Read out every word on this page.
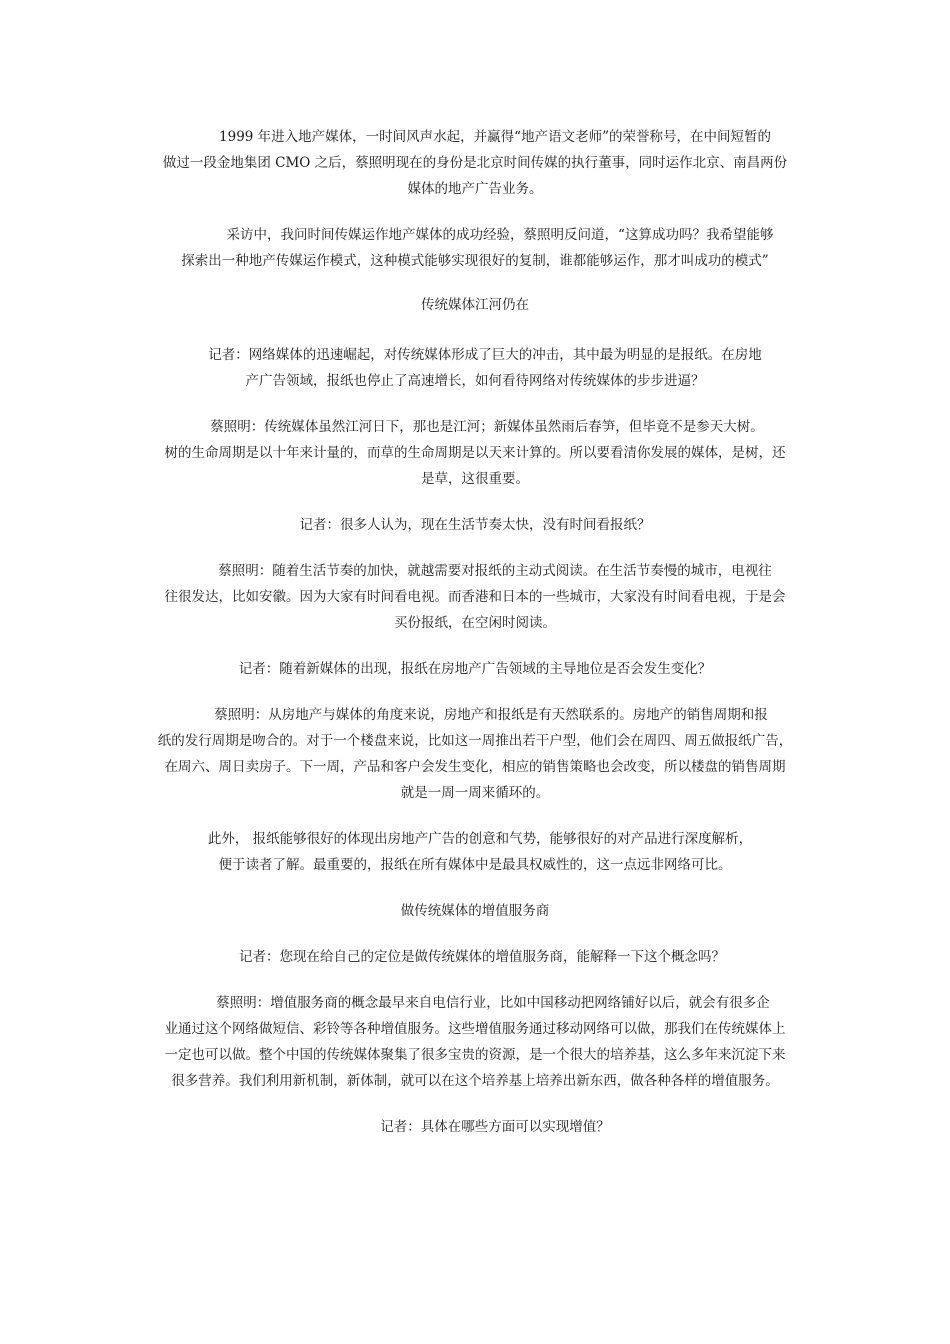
1999 年进入地产媒体，一时间风声水起，并赢得“地产语文老师”的荣誉称号，在中间短暂的
做过一段金地集团 CMO 之后，蔡照明现在的身份是北京时间传媒的执行董事，同时运作北京、南昌两份
媒体的地产广告业务。
采访中，我问时间传媒运作地产媒体的成功经验，蔡照明反问道，“这算成功吗？我希望能够
探索出一种地产传媒运作模式，这种模式能够实现很好的复制，谁都能够运作，那才叫成功的模式”
传统媒体江河仍在
记者：网络媒体的迅速崛起，对传统媒体形成了巨大的冲击，其中最为明显的是报纸。在房地
产广告领域，报纸也停止了高速增长，如何看待网络对传统媒体的步步进逼？
蔡照明：传统媒体虽然江河日下，那也是江河；新媒体虽然雨后春笋，但毕竟不是参天大树。
树的生命周期是以十年来计量的，而草的生命周期是以天来计算的。所以要看清你发展的媒体，是树，还
是草，这很重要。
记者：很多人认为，现在生活节奏太快，没有时间看报纸？
蔡照明：随着生活节奏的加快，就越需要对报纸的主动式阅读。在生活节奏慢的城市，电视往
往很发达，比如安徽。因为大家有时间看电视。而香港和日本的一些城市，大家没有时间看电视，于是会
买份报纸，在空闲时阅读。
记者：随着新媒体的出现，报纸在房地产广告领域的主导地位是否会发生变化？
蔡照明：从房地产与媒体的角度来说，房地产和报纸是有天然联系的。房地产的销售周期和报
纸的发行周期是吻合的。对于一个楼盘来说，比如这一周推出若干户型，他们会在周四、周五做报纸广告，
在周六、周日卖房子。下一周，产品和客户会发生变化，相应的销售策略也会改变，所以楼盘的销售周期
就是一周一周来循环的。
此外， 报纸能够很好的体现出房地产广告的创意和气势，能够很好的对产品进行深度解析，
便于读者了解。最重要的，报纸在所有媒体中是最具权威性的，这一点远非网络可比。
做传统媒体的增值服务商
记者：您现在给自己的定位是做传统媒体的增值服务商，能解释一下这个概念吗？
蔡照明：增值服务商的概念最早来自电信行业，比如中国移动把网络铺好以后，就会有很多企
业通过这个网络做短信、彩铃等各种增值服务。这些增值服务通过移动网络可以做，那我们在传统媒体上
一定也可以做。整个中国的传统媒体聚集了很多宝贵的资源，是一个很大的培养基，这么多年来沉淀下来
很多营养。我们利用新机制，新体制，就可以在这个培养基上培养出新东西，做各种各样的增值服务。
记者：具体在哪些方面可以实现增值？
